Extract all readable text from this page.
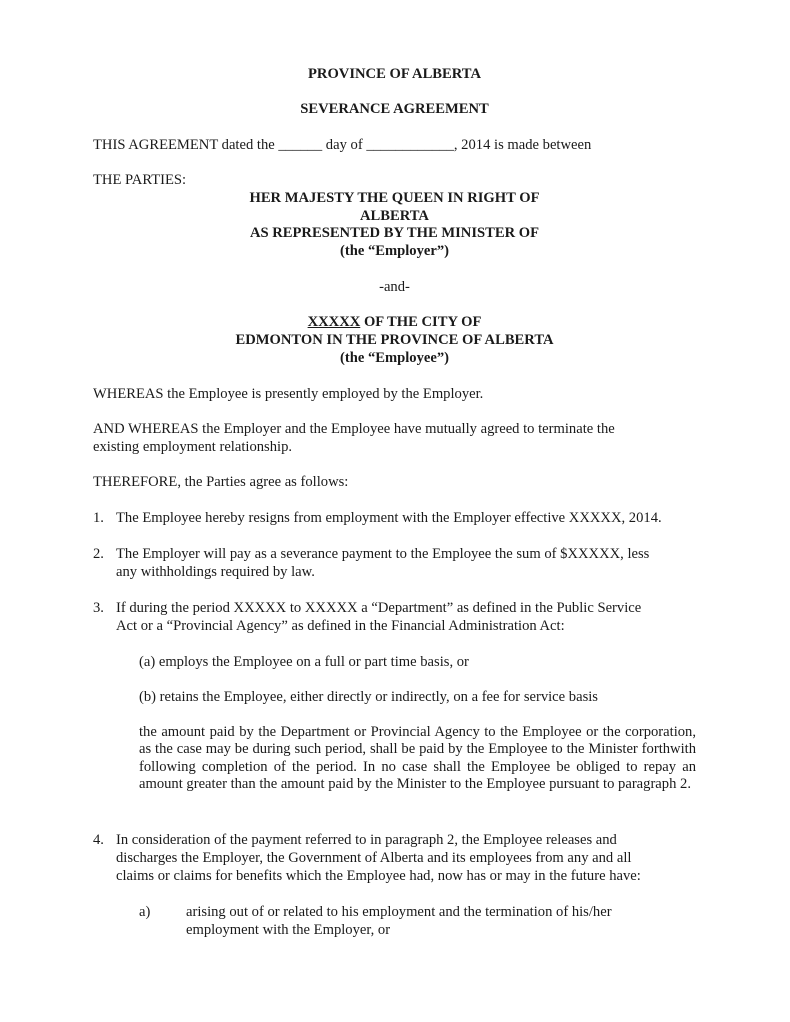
PROVINCE OF ALBERTA
SEVERANCE AGREEMENT
THIS AGREEMENT dated the ______ day of ____________, 2014 is made between
THE PARTIES:
HER MAJESTY THE QUEEN IN RIGHT OF
ALBERTA
AS REPRESENTED BY THE MINISTER OF
(the “Employer”)
-and-
XXXXX OF THE CITY OF
EDMONTON IN THE PROVINCE OF ALBERTA
(the “Employee”)
WHEREAS the Employee is presently employed by the Employer.
AND WHEREAS the Employer and the Employee have mutually agreed to terminate the
existing employment relationship.
THEREFORE, the Parties agree as follows:
1. The Employee hereby resigns from employment with the Employer effective XXXXX, 2014.
2. The Employer will pay as a severance payment to the Employee the sum of $XXXXX, less
any withholdings required by law.
3. If during the period XXXXX to XXXXX a “Department” as defined in the Public Service
Act or a “Provincial Agency” as defined in the Financial Administration Act:
(a) employs the Employee on a full or part time basis, or
(b) retains the Employee, either directly or indirectly, on a fee for service basis
the amount paid by the Department or Provincial Agency to the Employee or the corporation, as the case may be during such period, shall be paid by the Employee to the Minister forthwith following completion of the period. In no case shall the Employee be obliged to repay an amount greater than the amount paid by the Minister to the Employee pursuant to paragraph 2.
4. In consideration of the payment referred to in paragraph 2, the Employee releases and
discharges the Employer, the Government of Alberta and its employees from any and all
claims or claims for benefits which the Employee had, now has or may in the future have:
a) arising out of or related to his employment and the termination of his/her
employment with the Employer, or
